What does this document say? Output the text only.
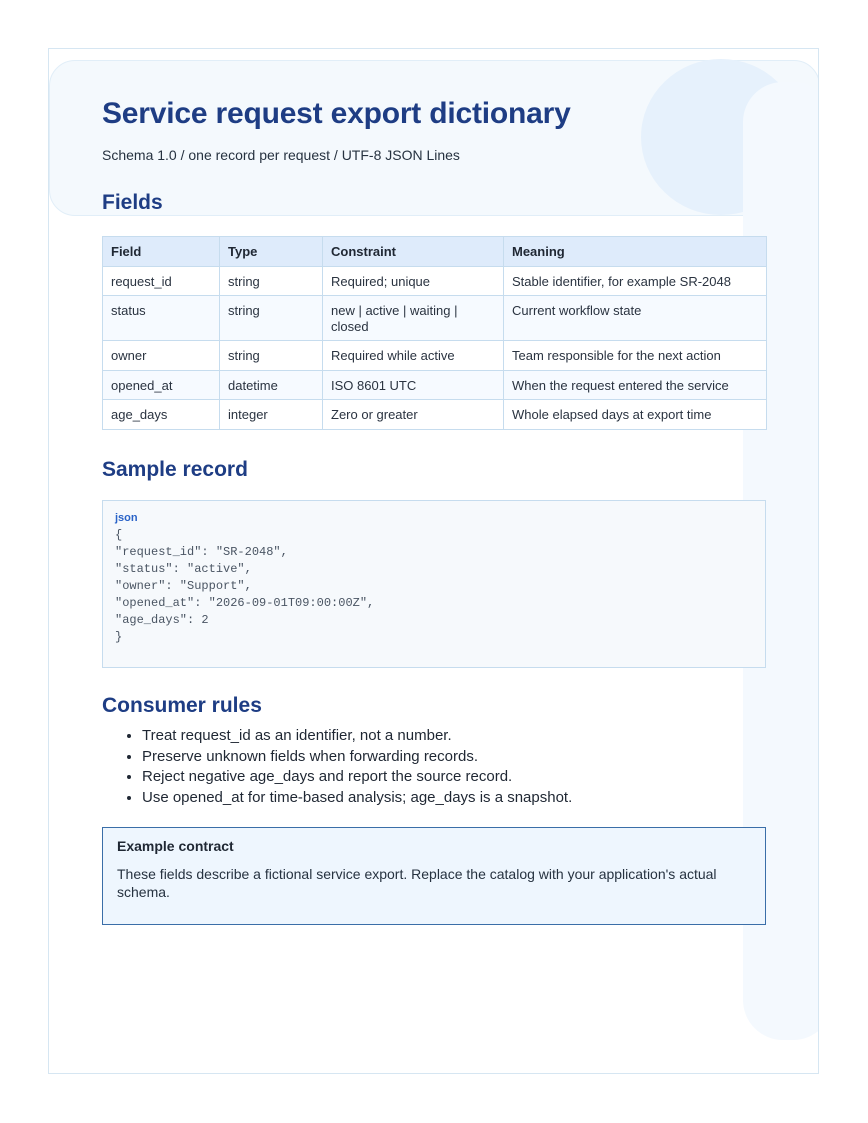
Service request export dictionary

Schema 1.0 / one record per request / UTF-8 JSON Lines

Fields
Field	Type	Constraint	Meaning
request_id	string	Required; unique	Stable identifier, for example SR-2048
status	string	new | active | waiting | closed	Current workflow state
owner	string	Required while active	Team responsible for the next action
opened_at	datetime	ISO 8601 UTC	When the request entered the service
age_days	integer	Zero or greater	Whole elapsed days at export time
Sample record
json
{
"request_id": "SR-2048",
"status": "active",
"owner": "Support",
"opened_at": "2026-09-01T09:00:00Z",
"age_days": 2
}
Consumer rules
• Treat request_id as an identifier, not a number.
• Preserve unknown fields when forwarding records.
• Reject negative age_days and report the source record.
• Use opened_at for time-based analysis; age_days is a snapshot.
Example contract
These fields describe a fictional service export. Replace the catalog with your application's actual schema.
